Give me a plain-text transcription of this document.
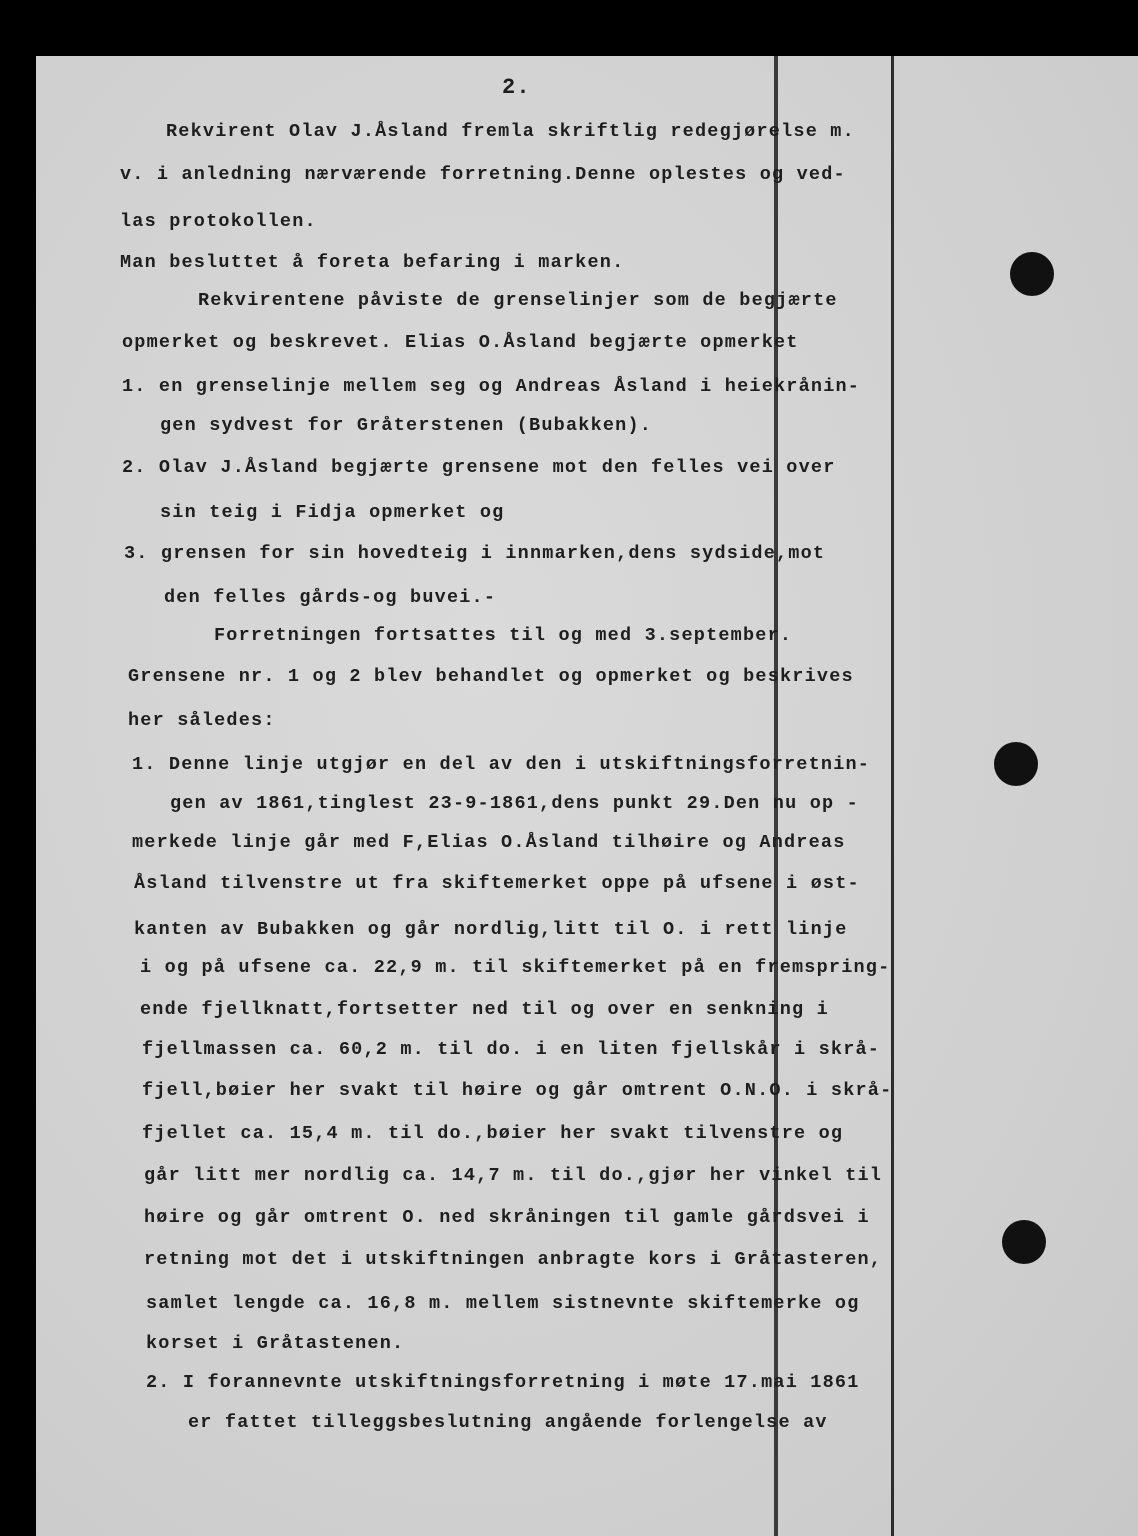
2.
Rekvirent Olav J.Åsland fremla skriftlig redegjørelse m.
v. i anledning nærværende forretning.Denne oplestes og ved-
las protokollen.
Man besluttet å foreta befaring i marken.
Rekvirentene påviste de grenselinjer som de begjærte
opmerket og beskrevet. Elias O.Åsland begjærte opmerket
1. en grenselinje mellem seg og Andreas Åsland i heiekrånin-
gen sydvest for Gråterstenen (Bubakken).
2. Olav J.Åsland begjærte grensene mot den felles vei over
sin teig i Fidja opmerket og
3. grensen for sin hovedteig i innmarken,dens sydside,mot
den felles gårds-og buvei.-
Forretningen fortsattes til og med 3.september.
Grensene nr. 1 og 2 blev behandlet og opmerket og beskrives
her således:
1. Denne linje utgjør en del av den i utskiftningsforretnin-
gen av 1861,tinglest 23-9-1861,dens punkt 29.Den nu op -
merkede linje går med F,Elias O.Åsland tilhøire og Andreas
Åsland tilvenstre ut fra skiftemerket oppe på ufsene i øst-
kanten av Bubakken og går nordlig,litt til O. i rett linje
i og på ufsene ca. 22,9 m. til skiftemerket på en fremspring-
ende fjellknatt,fortsetter ned til og over en senkning i
fjellmassen ca. 60,2 m. til do. i en liten fjellskår i skrå-
fjell,bøier her svakt til høire og går omtrent O.N.O. i skrå-
fjellet ca. 15,4 m. til do.,bøier her svakt tilvenstre og
går litt mer nordlig ca. 14,7 m. til do.,gjør her vinkel til
høire og går omtrent O. ned skråningen til gamle gårdsvei i
retning mot det i utskiftningen anbragte kors i Gråtasteren,
samlet lengde ca. 16,8 m. mellem sistnevnte skiftemerke og
korset i Gråtastenen.
2. I forannevnte utskiftningsforretning i møte 17.mai 1861
er fattet tilleggsbeslutning angående forlengelse av
